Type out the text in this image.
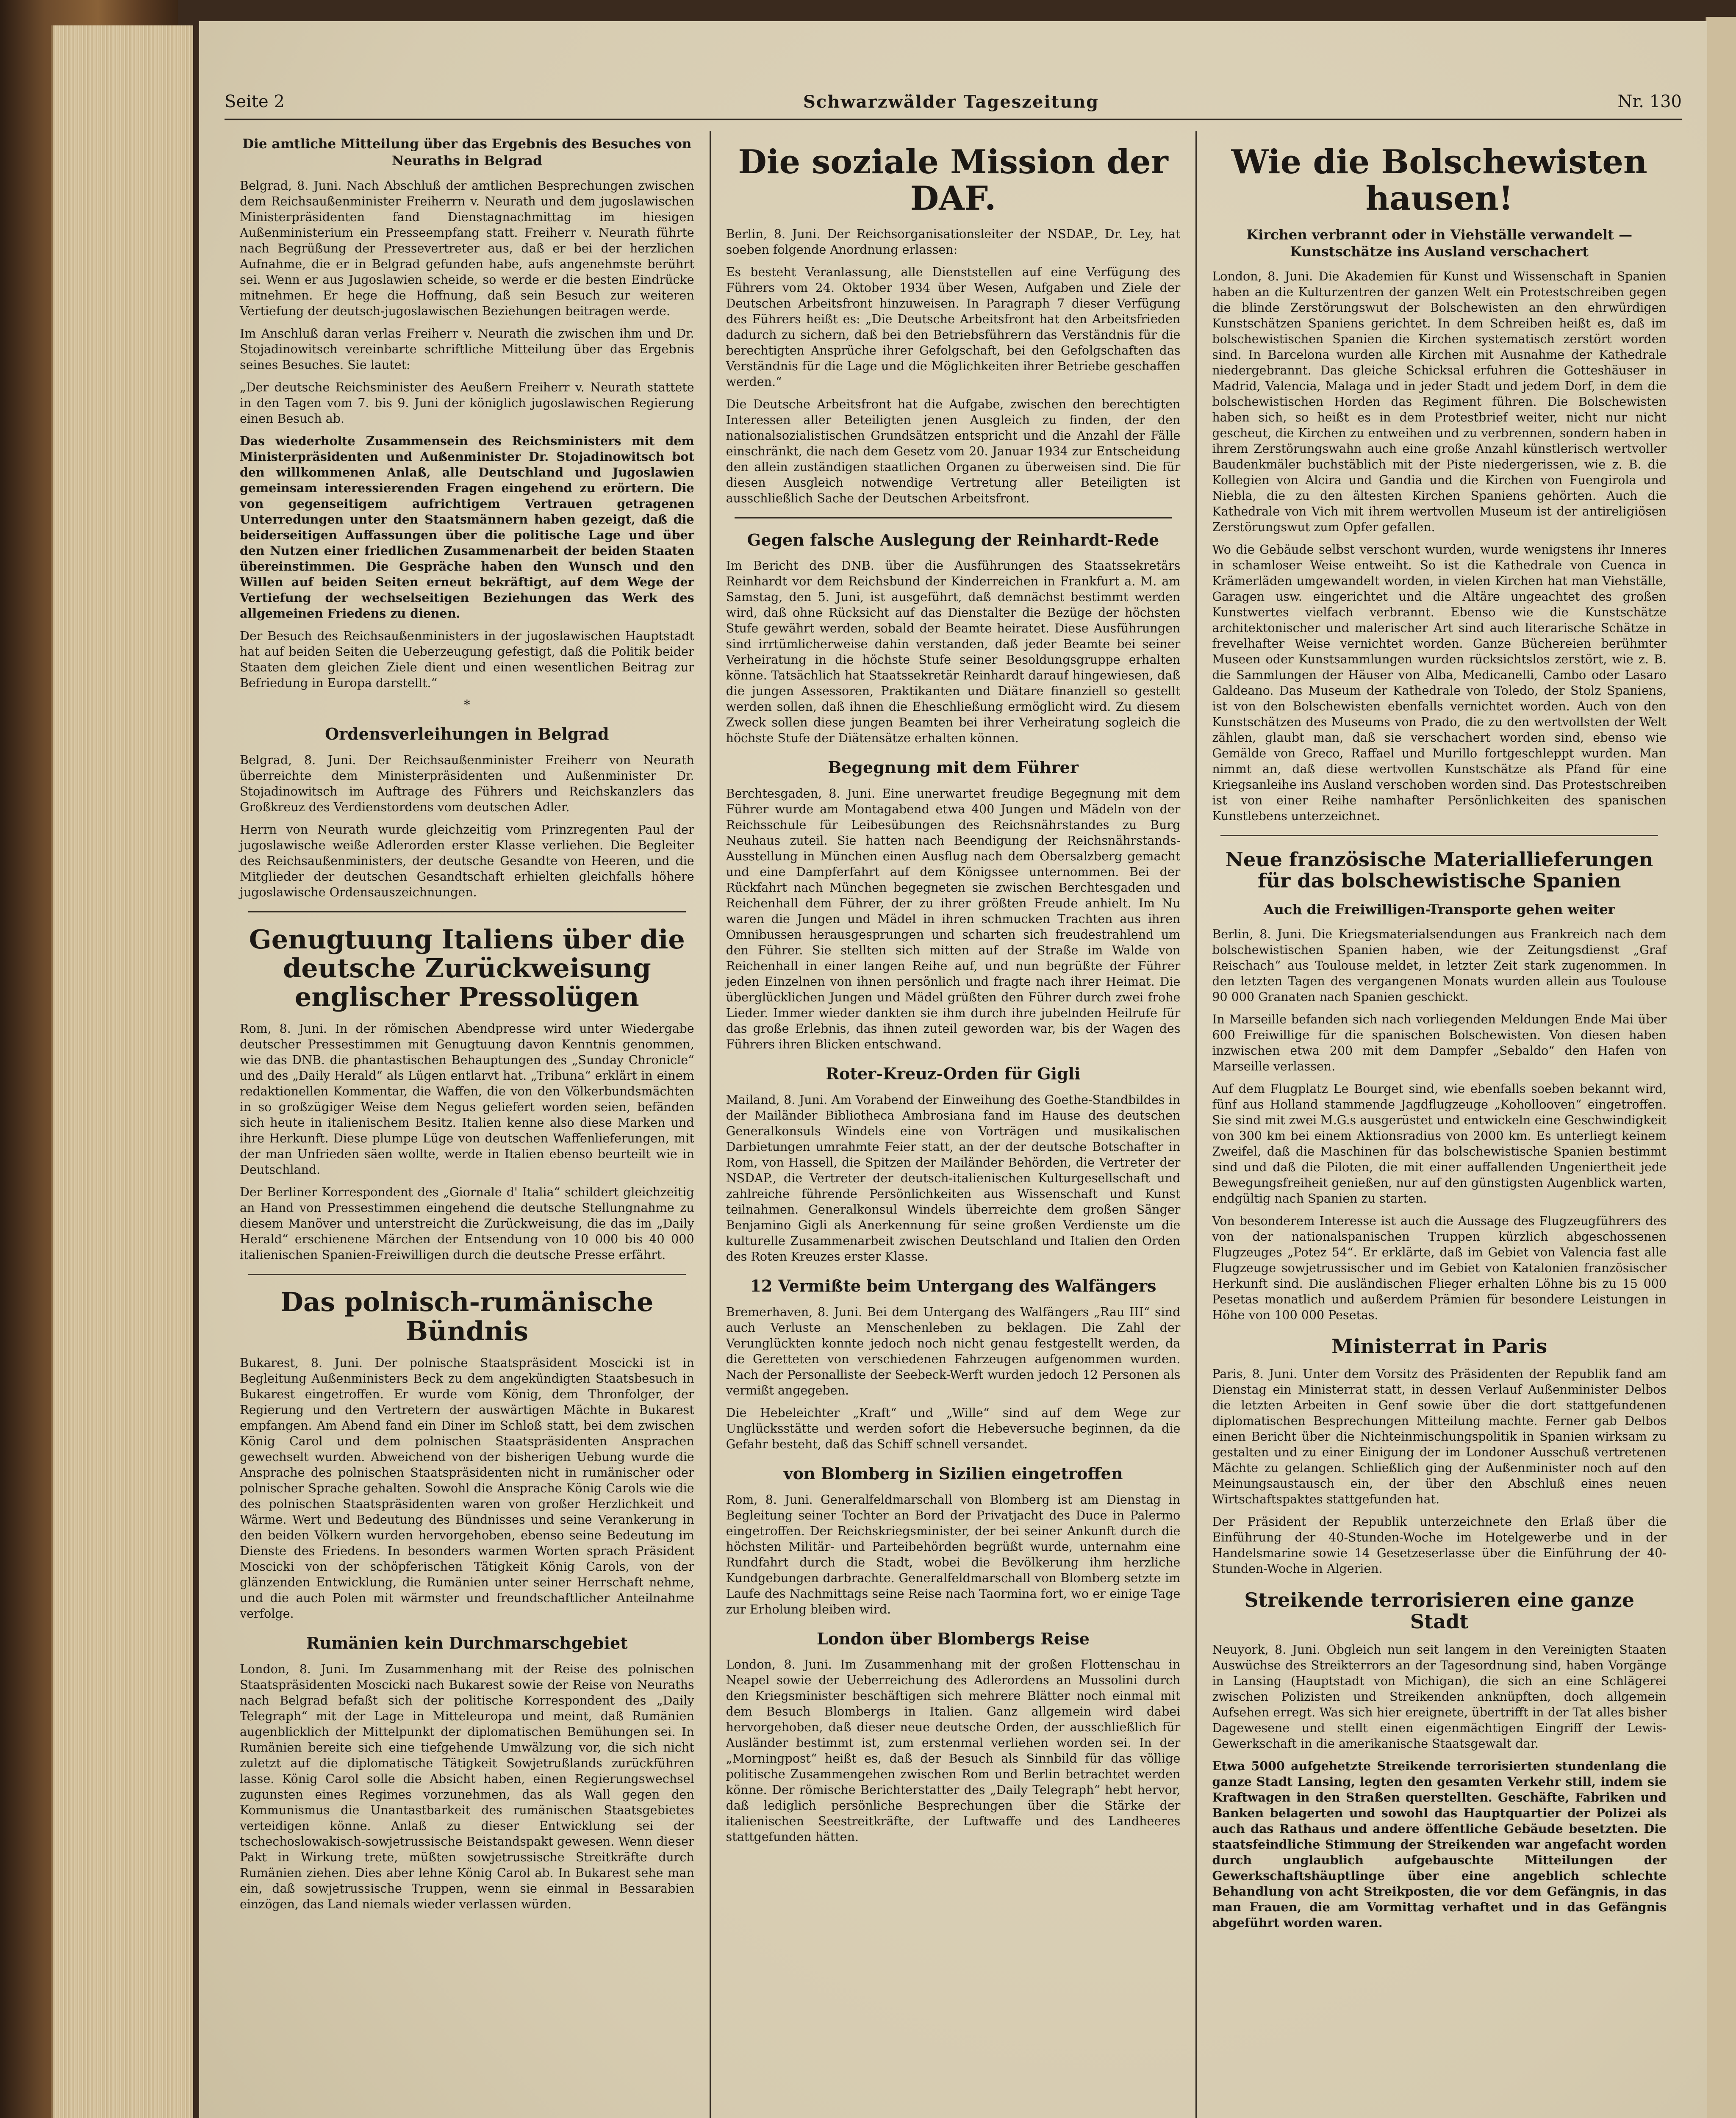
Seite 2	Schwarzwälder Tageszeitung	Nr. 130
Die amtliche Mitteilung über das Ergebnis des Besuches von Neuraths in Belgrad

Belgrad, 8. Juni. Nach Abschluß der amtlichen Besprechungen zwischen dem Reichsaußenminister Freiherrn v. Neurath und dem jugoslawischen Ministerpräsidenten fand Dienstagnachmittag im hiesigen Außenministerium ein Presseempfang statt. Freiherr v. Neurath führte nach Begrüßung der Pressevertreter aus, daß er bei der herzlichen Aufnahme, die er in Belgrad gefunden habe, aufs angenehmste berührt sei. Wenn er aus Jugoslawien scheide, so werde er die besten Eindrücke mitnehmen. Er hege die Hoffnung, daß sein Besuch zur weiteren Vertiefung der deutsch-jugoslawischen Beziehungen beitragen werde.

Im Anschluß daran verlas Freiherr v. Neurath die zwischen ihm und Dr. Stojadinowitsch vereinbarte schriftliche Mitteilung über das Ergebnis seines Besuches. Sie lautet:

„Der deutsche Reichsminister des Aeußern Freiherr v. Neurath stattete in den Tagen vom 7. bis 9. Juni der königlich jugoslawischen Regierung einen Besuch ab.

Das wiederholte Zusammensein des Reichsministers mit dem Ministerpräsidenten und Außenminister Dr. Stojadinowitsch bot den willkommenen Anlaß, alle Deutschland und Jugoslawien gemeinsam interessierenden Fragen eingehend zu erörtern. Die von gegenseitigem aufrichtigem Vertrauen getragenen Unterredungen unter den Staatsmännern haben gezeigt, daß die beiderseitigen Auffassungen über die politische Lage und über den Nutzen einer friedlichen Zusammenarbeit der beiden Staaten übereinstimmen. Die Gespräche haben den Wunsch und den Willen auf beiden Seiten erneut bekräftigt, auf dem Wege der Vertiefung der wechselseitigen Beziehungen das Werk des allgemeinen Friedens zu dienen.

Der Besuch des Reichsaußenministers in der jugoslawischen Hauptstadt hat auf beiden Seiten die Ueberzeugung gefestigt, daß die Politik beider Staaten dem gleichen Ziele dient und einen wesentlichen Beitrag zur Befriedung in Europa darstellt.“

*
Ordensverleihungen in Belgrad

Belgrad, 8. Juni. Der Reichsaußenminister Freiherr von Neurath überreichte dem Ministerpräsidenten und Außenminister Dr. Stojadinowitsch im Auftrage des Führers und Reichskanzlers das Großkreuz des Verdienstordens vom deutschen Adler.

Herrn von Neurath wurde gleichzeitig vom Prinzregenten Paul der jugoslawische weiße Adlerorden erster Klasse verliehen. Die Begleiter des Reichsaußenministers, der deutsche Gesandte von Heeren, und die Mitglieder der deutschen Gesandtschaft erhielten gleichfalls höhere jugoslawische Ordensauszeichnungen.

Genugtuung Italiens über die deutsche Zurückweisung englischer Pressolügen

Rom, 8. Juni. In der römischen Abendpresse wird unter Wiedergabe deutscher Pressestimmen mit Genugtuung davon Kenntnis genommen, wie das DNB. die phantastischen Behauptungen des „Sunday Chronicle“ und des „Daily Herald“ als Lügen entlarvt hat. „Tribuna“ erklärt in einem redaktionellen Kommentar, die Waffen, die von den Völkerbundsmächten in so großzügiger Weise dem Negus geliefert worden seien, befänden sich heute in italienischem Besitz. Italien kenne also diese Marken und ihre Herkunft. Diese plumpe Lüge von deutschen Waffenlieferungen, mit der man Unfrieden säen wollte, werde in Italien ebenso beurteilt wie in Deutschland.

Der Berliner Korrespondent des „Giornale d' Italia“ schildert gleichzeitig an Hand von Pressestimmen eingehend die deutsche Stellungnahme zu diesem Manöver und unterstreicht die Zurückweisung, die das im „Daily Herald“ erschienene Märchen der Entsendung von 10 000 bis 40 000 italienischen Spanien-Freiwilligen durch die deutsche Presse erfährt.

Das polnisch-rumänische Bündnis

Bukarest, 8. Juni. Der polnische Staatspräsident Moscicki ist in Begleitung Außenministers Beck zu dem angekündigten Staatsbesuch in Bukarest eingetroffen. Er wurde vom König, dem Thronfolger, der Regierung und den Vertretern der auswärtigen Mächte in Bukarest empfangen. Am Abend fand ein Diner im Schloß statt, bei dem zwischen König Carol und dem polnischen Staatspräsidenten Ansprachen gewechselt wurden. Abweichend von der bisherigen Uebung wurde die Ansprache des polnischen Staatspräsidenten nicht in rumänischer oder polnischer Sprache gehalten. Sowohl die Ansprache König Carols wie die des polnischen Staatspräsidenten waren von großer Herzlichkeit und Wärme. Wert und Bedeutung des Bündnisses und seine Verankerung in den beiden Völkern wurden hervorgehoben, ebenso seine Bedeutung im Dienste des Friedens. In besonders warmen Worten sprach Präsident Moscicki von der schöpferischen Tätigkeit König Carols, von der glänzenden Entwicklung, die Rumänien unter seiner Herrschaft nehme, und die auch Polen mit wärmster und freundschaftlicher Anteilnahme verfolge.

Rumänien kein Durchmarschgebiet

London, 8. Juni. Im Zusammenhang mit der Reise des polnischen Staatspräsidenten Moscicki nach Bukarest sowie der Reise von Neuraths nach Belgrad befaßt sich der politische Korrespondent des „Daily Telegraph“ mit der Lage in Mitteleuropa und meint, daß Rumänien augenblicklich der Mittelpunkt der diplomatischen Bemühungen sei. In Rumänien bereite sich eine tiefgehende Umwälzung vor, die sich nicht zuletzt auf die diplomatische Tätigkeit Sowjetrußlands zurückführen lasse. König Carol solle die Absicht haben, einen Regierungswechsel zugunsten eines Regimes vorzunehmen, das als Wall gegen den Kommunismus die Unantastbarkeit des rumänischen Staatsgebietes verteidigen könne. Anlaß zu dieser Entwicklung sei der tschechoslowakisch-sowjetrussische Beistandspakt gewesen. Wenn dieser Pakt in Wirkung trete, müßten sowjetrussische Streitkräfte durch Rumänien ziehen. Dies aber lehne König Carol ab. In Bukarest sehe man ein, daß sowjetrussische Truppen, wenn sie einmal in Bessarabien einzögen, das Land niemals wieder verlassen würden.

Die soziale Mission der DAF.

Berlin, 8. Juni. Der Reichsorganisationsleiter der NSDAP., Dr. Ley, hat soeben folgende Anordnung erlassen:

Es besteht Veranlassung, alle Dienststellen auf eine Verfügung des Führers vom 24. Oktober 1934 über Wesen, Aufgaben und Ziele der Deutschen Arbeitsfront hinzuweisen. In Paragraph 7 dieser Verfügung des Führers heißt es: „Die Deutsche Arbeitsfront hat den Arbeitsfrieden dadurch zu sichern, daß bei den Betriebsführern das Verständnis für die berechtigten Ansprüche ihrer Gefolgschaft, bei den Gefolgschaften das Verständnis für die Lage und die Möglichkeiten ihrer Betriebe geschaffen werden.“

Die Deutsche Arbeitsfront hat die Aufgabe, zwischen den berechtigten Interessen aller Beteiligten jenen Ausgleich zu finden, der den nationalsozialistischen Grundsätzen entspricht und die Anzahl der Fälle einschränkt, die nach dem Gesetz vom 20. Januar 1934 zur Entscheidung den allein zuständigen staatlichen Organen zu überweisen sind. Die für diesen Ausgleich notwendige Vertretung aller Beteiligten ist ausschließlich Sache der Deutschen Arbeitsfront.

Gegen falsche Auslegung der Reinhardt-Rede

Im Bericht des DNB. über die Ausführungen des Staatssekretärs Reinhardt vor dem Reichsbund der Kinderreichen in Frankfurt a. M. am Samstag, den 5. Juni, ist ausgeführt, daß demnächst bestimmt werden wird, daß ohne Rücksicht auf das Dienstalter die Bezüge der höchsten Stufe gewährt werden, sobald der Beamte heiratet. Diese Ausführungen sind irrtümlicherweise dahin verstanden, daß jeder Beamte bei seiner Verheiratung in die höchste Stufe seiner Besoldungsgruppe erhalten könne. Tatsächlich hat Staatssekretär Reinhardt darauf hingewiesen, daß die jungen Assessoren, Praktikanten und Diätare finanziell so gestellt werden sollen, daß ihnen die Eheschließung ermöglicht wird. Zu diesem Zweck sollen diese jungen Beamten bei ihrer Verheiratung sogleich die höchste Stufe der Diätensätze erhalten können.

Begegnung mit dem Führer

Berchtesgaden, 8. Juni. Eine unerwartet freudige Begegnung mit dem Führer wurde am Montagabend etwa 400 Jungen und Mädeln von der Reichsschule für Leibesübungen des Reichsnährstandes zu Burg Neuhaus zuteil. Sie hatten nach Beendigung der Reichsnährstands-Ausstellung in München einen Ausflug nach dem Obersalzberg gemacht und eine Dampferfahrt auf dem Königssee unternommen. Bei der Rückfahrt nach München begegneten sie zwischen Berchtesgaden und Reichenhall dem Führer, der zu ihrer größten Freude anhielt. Im Nu waren die Jungen und Mädel in ihren schmucken Trachten aus ihren Omnibussen herausgesprungen und scharten sich freudestrahlend um den Führer. Sie stellten sich mitten auf der Straße im Walde von Reichenhall in einer langen Reihe auf, und nun begrüßte der Führer jeden Einzelnen von ihnen persönlich und fragte nach ihrer Heimat. Die überglücklichen Jungen und Mädel grüßten den Führer durch zwei frohe Lieder. Immer wieder dankten sie ihm durch ihre jubelnden Heilrufe für das große Erlebnis, das ihnen zuteil geworden war, bis der Wagen des Führers ihren Blicken entschwand.

Roter-Kreuz-Orden für Gigli

Mailand, 8. Juni. Am Vorabend der Einweihung des Goethe-Standbildes in der Mailänder Bibliotheca Ambrosiana fand im Hause des deutschen Generalkonsuls Windels eine von Vorträgen und musikalischen Darbietungen umrahmte Feier statt, an der der deutsche Botschafter in Rom, von Hassell, die Spitzen der Mailänder Behörden, die Vertreter der NSDAP., die Vertreter der deutsch-italienischen Kulturgesellschaft und zahlreiche führende Persönlichkeiten aus Wissenschaft und Kunst teilnahmen. Generalkonsul Windels überreichte dem großen Sänger Benjamino Gigli als Anerkennung für seine großen Verdienste um die kulturelle Zusammenarbeit zwischen Deutschland und Italien den Orden des Roten Kreuzes erster Klasse.

12 Vermißte beim Untergang des Walfängers

Bremerhaven, 8. Juni. Bei dem Untergang des Walfängers „Rau III“ sind auch Verluste an Menschenleben zu beklagen. Die Zahl der Verunglückten konnte jedoch noch nicht genau festgestellt werden, da die Geretteten von verschiedenen Fahrzeugen aufgenommen wurden. Nach der Personalliste der Seebeck-Werft wurden jedoch 12 Personen als vermißt angegeben.

Die Hebeleichter „Kraft“ und „Wille“ sind auf dem Wege zur Unglücksstätte und werden sofort die Hebeversuche beginnen, da die Gefahr besteht, daß das Schiff schnell versandet.

von Blomberg in Sizilien eingetroffen

Rom, 8. Juni. Generalfeldmarschall von Blomberg ist am Dienstag in Begleitung seiner Tochter an Bord der Privatjacht des Duce in Palermo eingetroffen. Der Reichskriegsminister, der bei seiner Ankunft durch die höchsten Militär- und Parteibehörden begrüßt wurde, unternahm eine Rundfahrt durch die Stadt, wobei die Bevölkerung ihm herzliche Kundgebungen darbrachte. Generalfeldmarschall von Blomberg setzte im Laufe des Nachmittags seine Reise nach Taormina fort, wo er einige Tage zur Erholung bleiben wird.

London über Blombergs Reise

London, 8. Juni. Im Zusammenhang mit der großen Flottenschau in Neapel sowie der Ueberreichung des Adlerordens an Mussolini durch den Kriegsminister beschäftigen sich mehrere Blätter noch einmal mit dem Besuch Blombergs in Italien. Ganz allgemein wird dabei hervorgehoben, daß dieser neue deutsche Orden, der ausschließlich für Ausländer bestimmt ist, zum erstenmal verliehen worden sei. In der „Morningpost“ heißt es, daß der Besuch als Sinnbild für das völlige politische Zusammengehen zwischen Rom und Berlin betrachtet werden könne. Der römische Berichterstatter des „Daily Telegraph“ hebt hervor, daß lediglich persönliche Besprechungen über die Stärke der italienischen Seestreitkräfte, der Luftwaffe und des Landheeres stattgefunden hätten.

Wie die Bolschewisten hausen!
Kirchen verbrannt oder in Viehställe verwandelt — Kunstschätze ins Ausland verschachert

London, 8. Juni. Die Akademien für Kunst und Wissenschaft in Spanien haben an die Kulturzentren der ganzen Welt ein Protestschreiben gegen die blinde Zerstörungswut der Bolschewisten an den ehrwürdigen Kunstschätzen Spaniens gerichtet. In dem Schreiben heißt es, daß im bolschewistischen Spanien die Kirchen systematisch zerstört worden sind. In Barcelona wurden alle Kirchen mit Ausnahme der Kathedrale niedergebrannt. Das gleiche Schicksal erfuhren die Gotteshäuser in Madrid, Valencia, Malaga und in jeder Stadt und jedem Dorf, in dem die bolschewistischen Horden das Regiment führen. Die Bolschewisten haben sich, so heißt es in dem Protestbrief weiter, nicht nur nicht gescheut, die Kirchen zu entweihen und zu verbrennen, sondern haben in ihrem Zerstörungswahn auch eine große Anzahl künstlerisch wertvoller Baudenkmäler buchstäblich mit der Piste niedergerissen, wie z. B. die Kollegien von Alcira und Gandia und die Kirchen von Fuengirola und Niebla, die zu den ältesten Kirchen Spaniens gehörten. Auch die Kathedrale von Vich mit ihrem wertvollen Museum ist der antireligiösen Zerstörungswut zum Opfer gefallen.

Wo die Gebäude selbst verschont wurden, wurde wenigstens ihr Inneres in schamloser Weise entweiht. So ist die Kathedrale von Cuenca in Krämerläden umgewandelt worden, in vielen Kirchen hat man Viehställe, Garagen usw. eingerichtet und die Altäre ungeachtet des großen Kunstwertes vielfach verbrannt. Ebenso wie die Kunstschätze architektonischer und malerischer Art sind auch literarische Schätze in frevelhafter Weise vernichtet worden. Ganze Büchereien berühmter Museen oder Kunstsammlungen wurden rücksichtslos zerstört, wie z. B. die Sammlungen der Häuser von Alba, Medicanelli, Cambo oder Lasaro Galdeano. Das Museum der Kathedrale von Toledo, der Stolz Spaniens, ist von den Bolschewisten ebenfalls vernichtet worden. Auch von den Kunstschätzen des Museums von Prado, die zu den wertvollsten der Welt zählen, glaubt man, daß sie verschachert worden sind, ebenso wie Gemälde von Greco, Raffael und Murillo fortgeschleppt wurden. Man nimmt an, daß diese wertvollen Kunstschätze als Pfand für eine Kriegsanleihe ins Ausland verschoben worden sind. Das Protestschreiben ist von einer Reihe namhafter Persönlichkeiten des spanischen Kunstlebens unterzeichnet.

Neue französische Materiallieferungen für das bolschewistische Spanien
Auch die Freiwilligen-Transporte gehen weiter

Berlin, 8. Juni. Die Kriegsmaterialsendungen aus Frankreich nach dem bolschewistischen Spanien haben, wie der Zeitungsdienst „Graf Reischach“ aus Toulouse meldet, in letzter Zeit stark zugenommen. In den letzten Tagen des vergangenen Monats wurden allein aus Toulouse 90 000 Granaten nach Spanien geschickt.

In Marseille befanden sich nach vorliegenden Meldungen Ende Mai über 600 Freiwillige für die spanischen Bolschewisten. Von diesen haben inzwischen etwa 200 mit dem Dampfer „Sebaldo“ den Hafen von Marseille verlassen.

Auf dem Flugplatz Le Bourget sind, wie ebenfalls soeben bekannt wird, fünf aus Holland stammende Jagdflugzeuge „Kohollooven“ eingetroffen. Sie sind mit zwei M.G.s ausgerüstet und entwickeln eine Geschwindigkeit von 300 km bei einem Aktionsradius von 2000 km. Es unterliegt keinem Zweifel, daß die Maschinen für das bolschewistische Spanien bestimmt sind und daß die Piloten, die mit einer auffallenden Ungeniertheit jede Bewegungsfreiheit genießen, nur auf den günstigsten Augenblick warten, endgültig nach Spanien zu starten.

Von besonderem Interesse ist auch die Aussage des Flugzeugführers des von der nationalspanischen Truppen kürzlich abgeschossenen Flugzeuges „Potez 54“. Er erklärte, daß im Gebiet von Valencia fast alle Flugzeuge sowjetrussischer und im Gebiet von Katalonien französischer Herkunft sind. Die ausländischen Flieger erhalten Löhne bis zu 15 000 Pesetas monatlich und außerdem Prämien für besondere Leistungen in Höhe von 100 000 Pesetas.

Ministerrat in Paris

Paris, 8. Juni. Unter dem Vorsitz des Präsidenten der Republik fand am Dienstag ein Ministerrat statt, in dessen Verlauf Außenminister Delbos die letzten Arbeiten in Genf sowie über die dort stattgefundenen diplomatischen Besprechungen Mitteilung machte. Ferner gab Delbos einen Bericht über die Nichteinmischungspolitik in Spanien wirksam zu gestalten und zu einer Einigung der im Londoner Ausschuß vertretenen Mächte zu gelangen. Schließlich ging der Außenminister noch auf den Meinungsaustausch ein, der über den Abschluß eines neuen Wirtschaftspaktes stattgefunden hat.

Der Präsident der Republik unterzeichnete den Erlaß über die Einführung der 40-Stunden-Woche im Hotelgewerbe und in der Handelsmarine sowie 14 Gesetzeserlasse über die Einführung der 40-Stunden-Woche in Algerien.

Streikende terrorisieren eine ganze Stadt

Neuyork, 8. Juni. Obgleich nun seit langem in den Vereinigten Staaten Auswüchse des Streikterrors an der Tagesordnung sind, haben Vorgänge in Lansing (Hauptstadt von Michigan), die sich an eine Schlägerei zwischen Polizisten und Streikenden anknüpften, doch allgemein Aufsehen erregt. Was sich hier ereignete, übertrifft in der Tat alles bisher Dagewesene und stellt einen eigenmächtigen Eingriff der Lewis-Gewerkschaft in die amerikanische Staatsgewalt dar.

Etwa 5000 aufgehetzte Streikende terrorisierten stundenlang die ganze Stadt Lansing, legten den gesamten Verkehr still, indem sie Kraftwagen in den Straßen querstellten. Geschäfte, Fabriken und Banken belagerten und sowohl das Hauptquartier der Polizei als auch das Rathaus und andere öffentliche Gebäude besetzten. Die staatsfeindliche Stimmung der Streikenden war angefacht worden durch unglaublich aufgebauschte Mitteilungen der Gewerkschaftshäuptlinge über eine angeblich schlechte Behandlung von acht Streikposten, die vor dem Gefängnis, in das man Frauen, die am Vormittag verhaftet und in das Gefängnis abgeführt worden waren.
